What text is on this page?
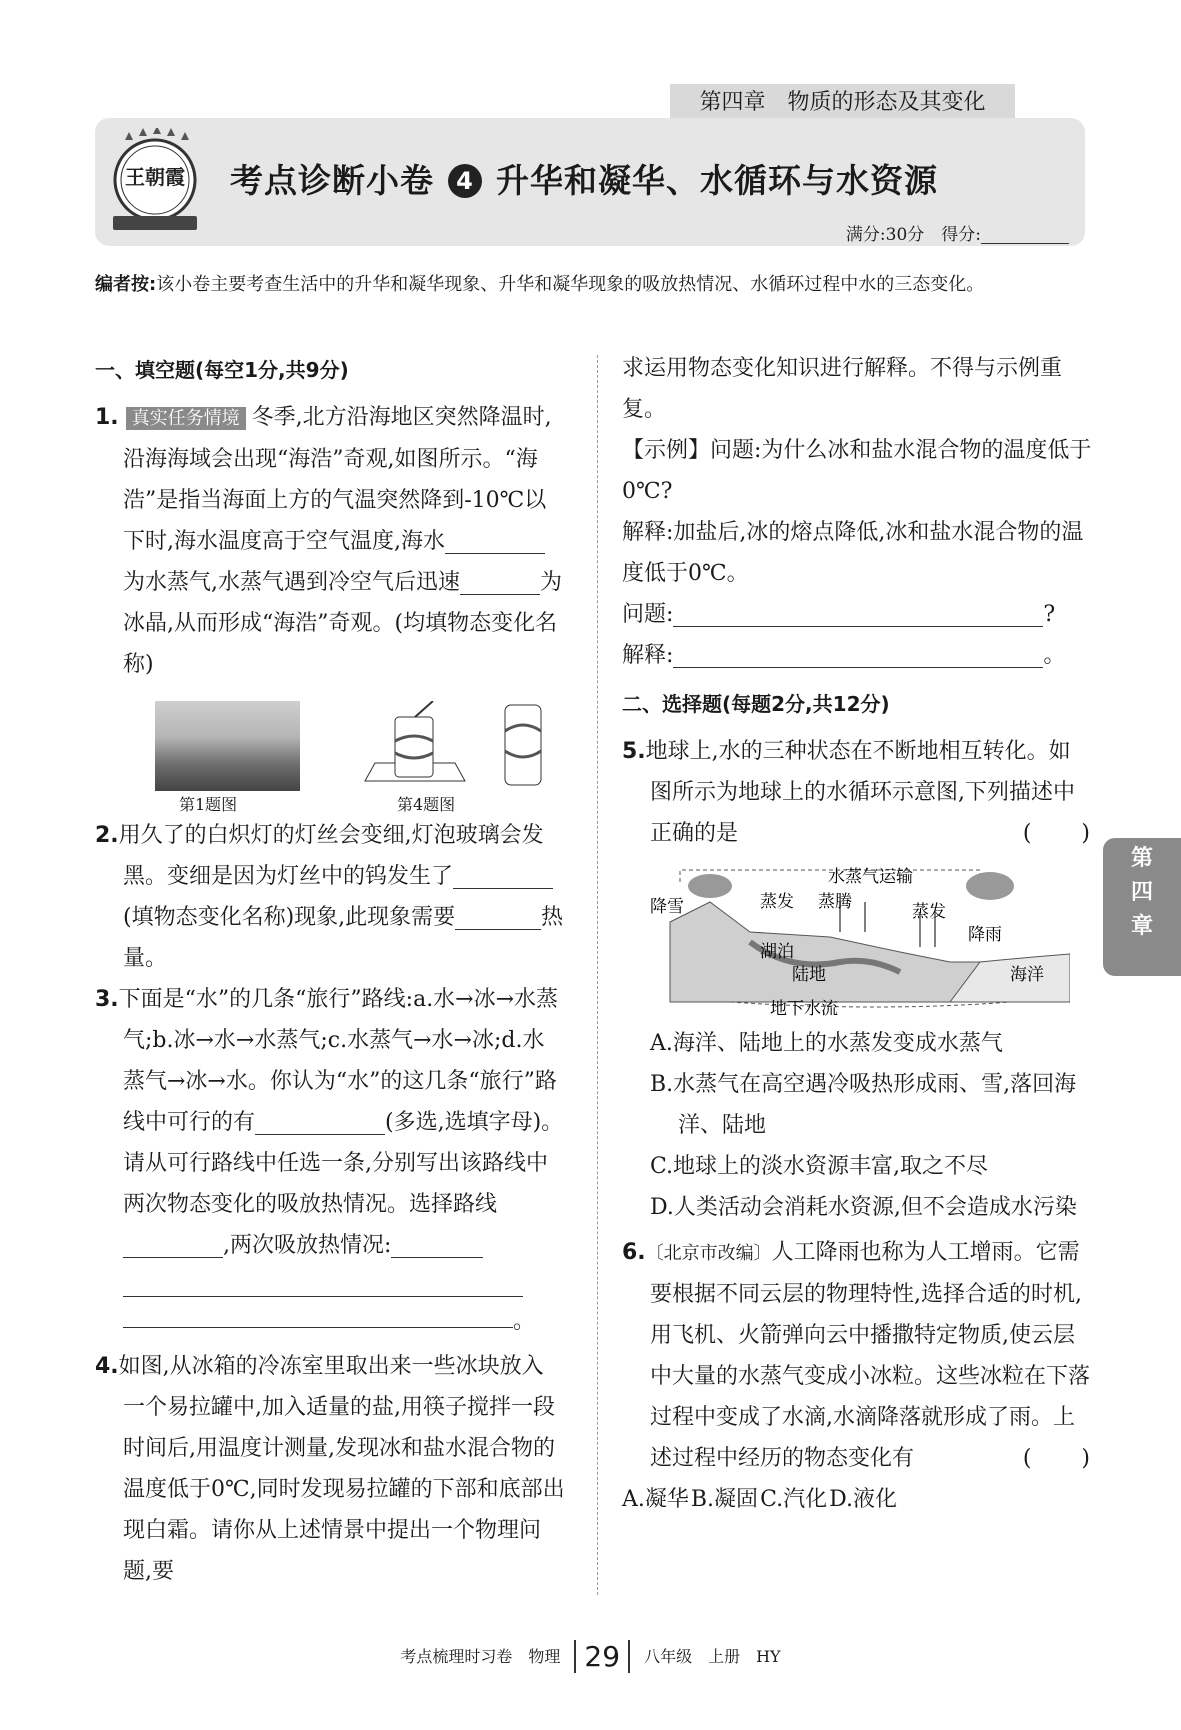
第四章　物质的形态及其变化
王朝霞 考点诊断小卷 4 升华和凝华、水循环与水资源
满分:30分　得分:
编者按:该小卷主要考查生活中的升华和凝华现象、升华和凝华现象的吸放热情况、水循环过程中水的三态变化。
一、填空题(每空1分,共9分)

1. 真实任务情境 冬季,北方沿海地区突然降温时,沿海海域会出现“海浩”奇观,如图所示。“海浩”是指当海面上方的气温突然降到-10℃以下时,海水温度高于空气温度,海水为水蒸气,水蒸气遇到冷空气后迅速	为冰晶,从而形成“海浩”奇观。(均填物态变化名称)

第1题图	第4题图

2.用久了的白炽灯的灯丝会变细,灯泡玻璃会发黑。变细是因为灯丝中的钨发生了(填物态变化名称)现象,此现象需要	热量。

3.下面是“水”的几条“旅行”路线:a.水→冰→水蒸气;b.冰→水→水蒸气;c.水蒸气→水→冰;d.水蒸气→冰→水。你认为“水”的这几条“旅行”路线中可行的有	(多选,选填字母)。请从可行路线中任选一条,分别写出该路线中两次物态变化的吸放热情况。选择路线,两次吸放热情况:

。

4.如图,从冰箱的冷冻室里取出来一些冰块放入一个易拉罐中,加入适量的盐,用筷子搅拌一段时间后,用温度计测量,发现冰和盐水混合物的温度低于0℃,同时发现易拉罐的下部和底部出现白霜。请你从上述情景中提出一个物理问题,要

求运用物态变化知识进行解释。不得与示例重复。

【示例】问题:为什么冰和盐水混合物的温度低于0℃?

解释:加盐后,冰的熔点降低,冰和盐水混合物的温度低于0℃。

问题:	?

解释:	。

二、选择题(每题2分,共12分)

5.地球上,水的三种状态在不断地相互转化。如图所示为地球上的水循环示意图,下列描述中正确的是	(　　)

水蒸气运输
降雪	蒸发 蒸腾	蒸发
降雨
湖泊
陆地	海洋
地下水流

A.海洋、陆地上的水蒸发变成水蒸气

B.水蒸气在高空遇冷吸热形成雨、雪,落回海洋、陆地

C.地球上的淡水资源丰富,取之不尽

D.人类活动会消耗水资源,但不会造成水污染

6.〔北京市改编〕人工降雨也称为人工增雨。它需要根据不同云层的物理特性,选择合适的时机,用飞机、火箭弹向云中播撒特定物质,使云层中大量的水蒸气变成小冰粒。这些冰粒在下落过程中变成了水滴,水滴降落就形成了雨。上述过程中经历的物态变化有	(　　)

A.凝华B.凝固C.汽化D.液化

第
四
章
考点梳理时习卷　物理 29 八年级　上册　HY
